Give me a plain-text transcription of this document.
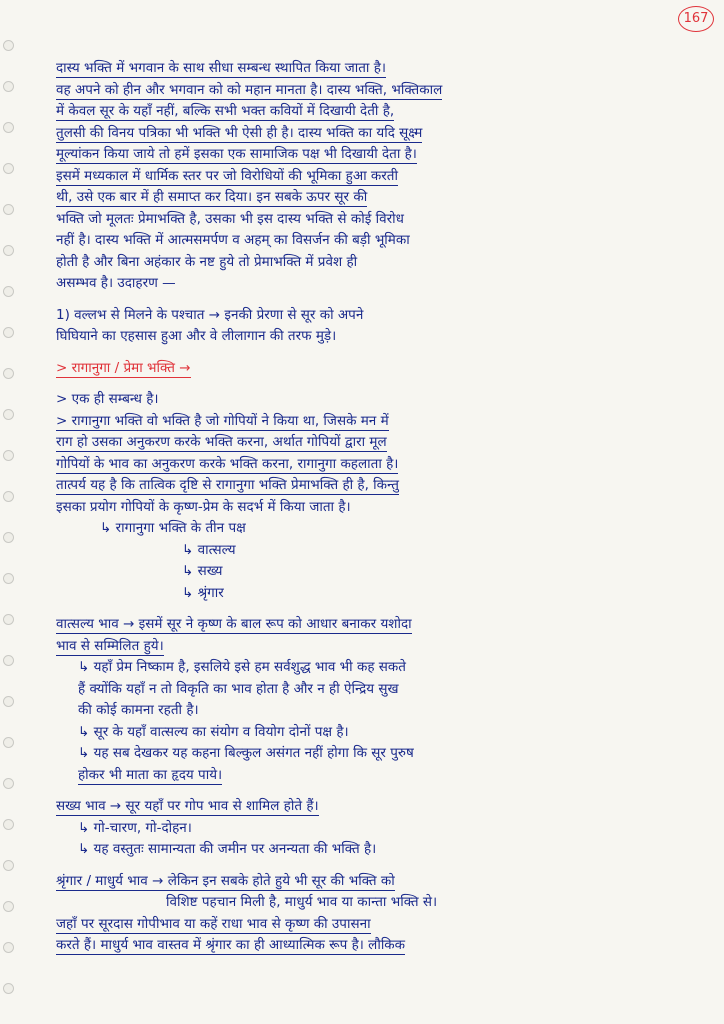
167
दास्य भक्ति में भगवान के साथ सीधा सम्बन्ध स्थापित किया जाता है।
वह अपने को हीन और भगवान को को महान मानता है। दास्य भक्ति, भक्तिकाल
में केवल सूर के यहाँ नहीं, बल्कि सभी भक्त कवियों में दिखायी देती है,
तुलसी की विनय पत्रिका भी भक्ति भी ऐसी ही है। दास्य भक्ति का यदि सूक्ष्म
मूल्यांकन किया जाये तो हमें इसका एक सामाजिक पक्ष भी दिखायी देता है।
इसमें मध्यकाल में धार्मिक स्तर पर जो विरोधियों की भूमिका हुआ करती
थी, उसे एक बार में ही समाप्त कर दिया। इन सबके ऊपर सूर की
भक्ति जो मूलतः प्रेमाभक्ति है, उसका भी इस दास्य भक्ति से कोई विरोध
नहीं है। दास्य भक्ति में आत्मसमर्पण व अहम् का विसर्जन की बड़ी भूमिका
होती है और बिना अहंकार के नष्ट हुये तो प्रेमाभक्ति में प्रवेश ही
असम्भव है। उदाहरण —
1) वल्लभ से मिलने के पश्चात → इनकी प्रेरणा से सूर को अपने
घिघियाने का एहसास हुआ और वे लीलागान की तरफ मुड़े।
> रागानुगा / प्रेमा भक्ति →
> एक ही सम्बन्ध है।
> रागानुगा भक्ति वो भक्ति है जो गोपियों ने किया था, जिसके मन में
राग हो उसका अनुकरण करके भक्ति करना, अर्थात गोपियों द्वारा मूल
गोपियों के भाव का अनुकरण करके भक्ति करना, रागानुगा कहलाता है।
तात्पर्य यह है कि तात्विक दृष्टि से रागानुगा भक्ति प्रेमाभक्ति ही है, किन्तु
इसका प्रयोग गोपियों के कृष्ण-प्रेम के सदर्भ में किया जाता है।
↳ रागानुगा भक्ति के तीन पक्ष
↳ वात्सल्य
↳ सख्य
↳ श्रृंगार
वात्सल्य भाव → इसमें सूर ने कृष्ण के बाल रूप को आधार बनाकर यशोदा
भाव से सम्मिलित हुये।
↳ यहाँ प्रेम निष्काम है, इसलिये इसे हम सर्वशुद्ध भाव भी कह सकते
हैं क्योंकि यहाँ न तो विकृति का भाव होता है और न ही ऐन्द्रिय सुख
की कोई कामना रहती है।
↳ सूर के यहाँ वात्सल्य का संयोग व वियोग दोनों पक्ष है।
↳ यह सब देखकर यह कहना बिल्कुल असंगत नहीं होगा कि सूर पुरुष
होकर भी माता का हृदय पाये।
सख्य भाव → सूर यहाँ पर गोप भाव से शामिल होते हैं।
↳ गो-चारण, गो-दोहन।
↳ यह वस्तुतः सामान्यता की जमीन पर अनन्यता की भक्ति है।
श्रृंगार / माधुर्य भाव → लेकिन इन सबके होते हुये भी सूर की भक्ति को
विशिष्ट पहचान मिली है, माधुर्य भाव या कान्ता भक्ति से।
जहाँ पर सूरदास गोपीभाव या कहें राधा भाव से कृष्ण की उपासना
करते हैं। माधुर्य भाव वास्तव में श्रृंगार का ही आध्यात्मिक रूप है। लौकिक
